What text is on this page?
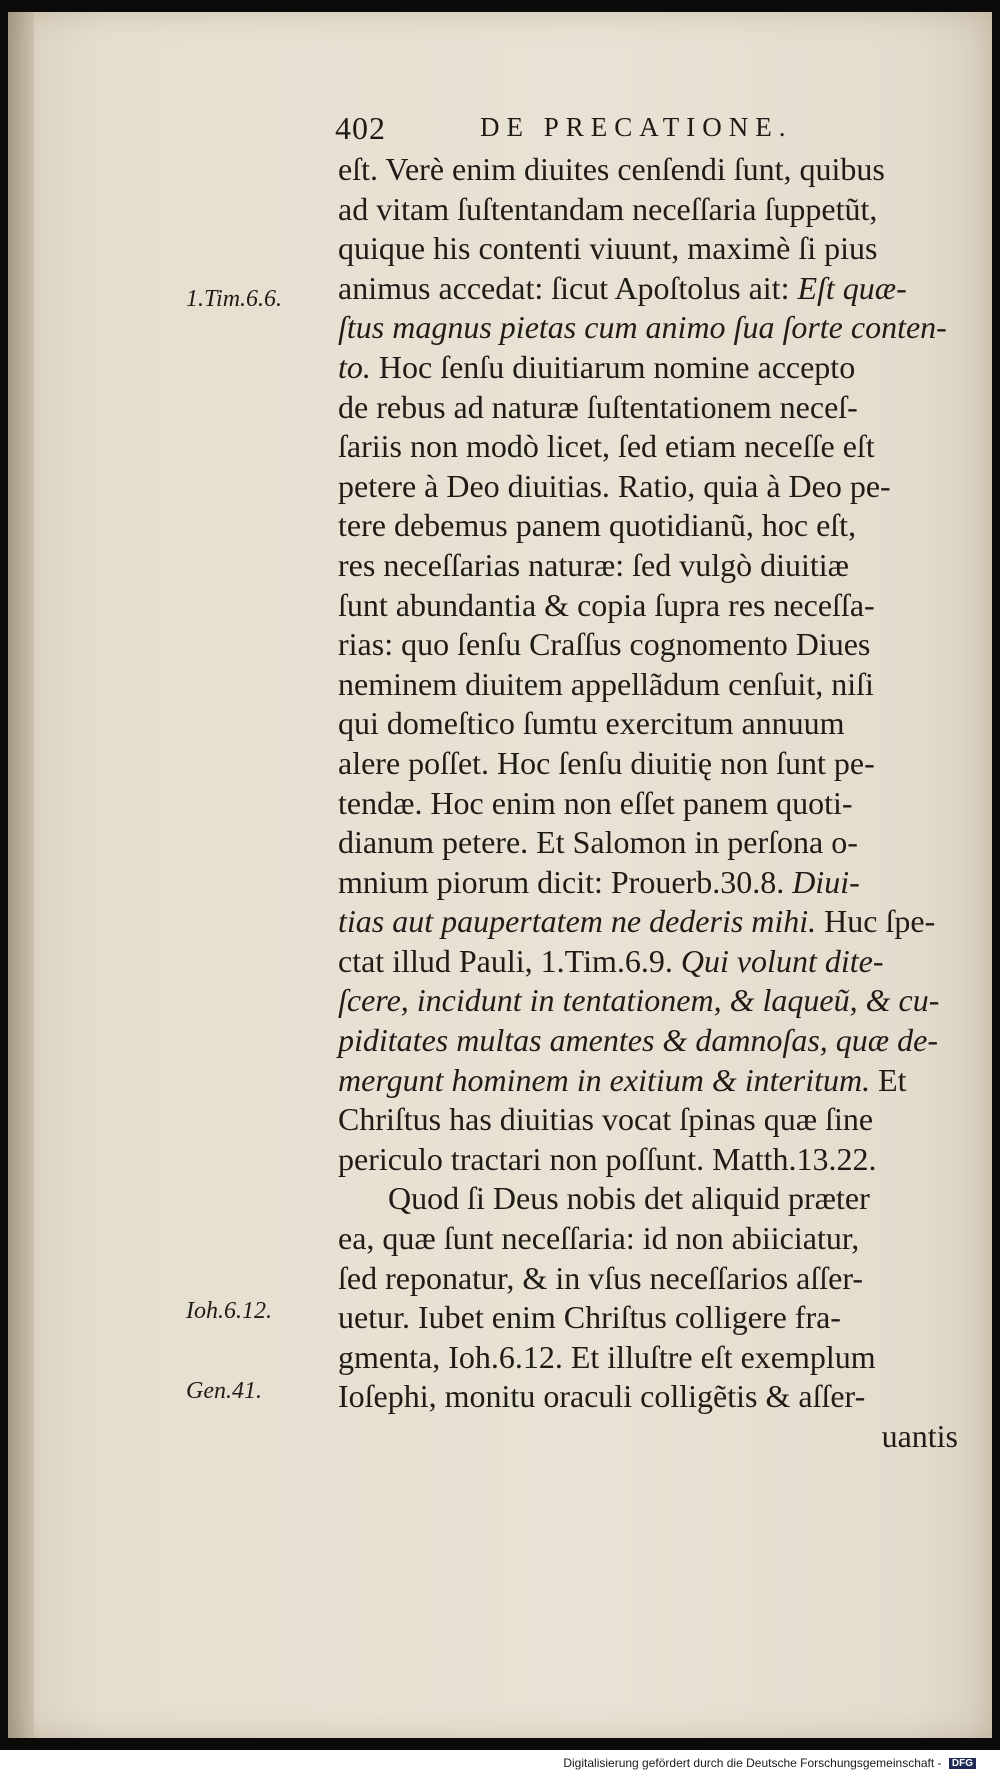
402	DE PRECATIONE.
1.Tim.6.6.
Ioh.6.12.
Gen.41.
eſt. Verè enim diuites cenſendi ſunt, quibus
ad vitam ſuſtentandam neceſſaria ſuppetũt,
quique his contenti viuunt, maximè ſi pius
animus accedat: ſicut Apoſtolus ait: Eſt quæ-
ſtus magnus pietas cum animo ſua ſorte conten-
to. Hoc ſenſu diuitiarum nomine accepto
de rebus ad naturæ ſuſtentationem neceſ-
ſariis non modò licet, ſed etiam neceſſe eſt
petere à Deo diuitias. Ratio, quia à Deo pe-
tere debemus panem quotidianũ, hoc eſt,
res neceſſarias naturæ: ſed vulgò diuitiæ
ſunt abundantia & copia ſupra res neceſſa-
rias: quo ſenſu Craſſus cognomento Diues
neminem diuitem appellãdum cenſuit, niſi
qui domeſtico ſumtu exercitum annuum
alere poſſet. Hoc ſenſu diuitię non ſunt pe-
tendæ. Hoc enim non eſſet panem quoti-
dianum petere. Et Salomon in perſona o-
mnium piorum dicit: Prouerb.30.8. Diui-
tias aut paupertatem ne dederis mihi. Huc ſpe-
ctat illud Pauli, 1.Tim.6.9. Qui volunt dite-
ſcere, incidunt in tentationem, & laqueũ, & cu-
piditates multas amentes & damnoſas, quæ de-
mergunt hominem in exitium & interitum. Et
Chriſtus has diuitias vocat ſpinas quæ ſine
periculo tractari non poſſunt. Matth.13.22.
Quod ſi Deus nobis det aliquid præter
ea, quæ ſunt neceſſaria: id non abiiciatur,
ſed reponatur, & in vſus neceſſarios aſſer-
uetur. Iubet enim Chriſtus colligere fra-
gmenta, Ioh.6.12. Et illuſtre eſt exemplum
Ioſephi, monitu oraculi colligẽtis & aſſer-
uantis
Digitalisierung gefördert durch die Deutsche Forschungsgemeinschaft - DFG
